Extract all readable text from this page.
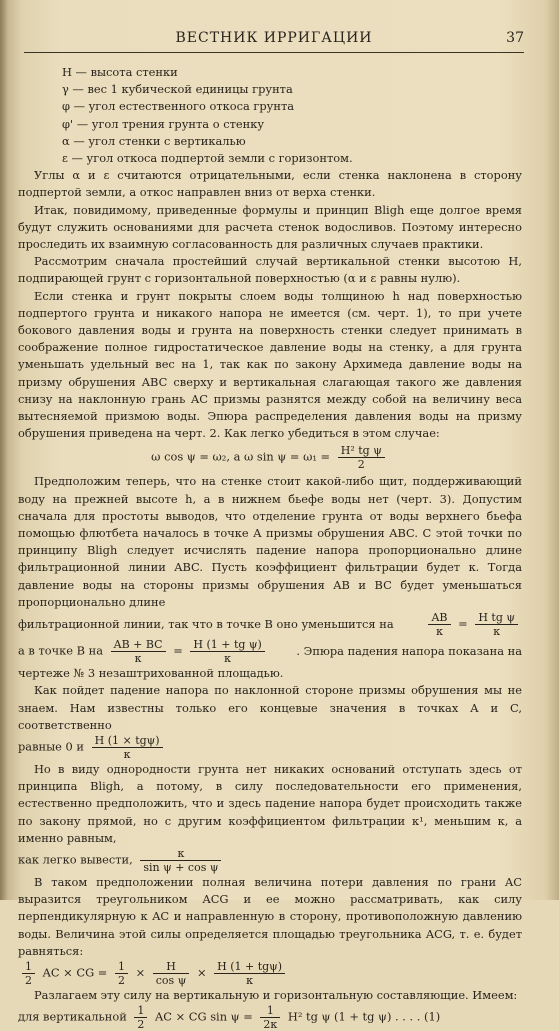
ВЕСТНИК ИРРИГАЦИИ	37

H — высота стенки

γ — вес 1 кубической единицы грунта

φ — угол естественного откоса грунта

φ' — угол трения грунта о стенку

α — угол стенки с вертикалью

ε — угол откоса подпертой земли с горизонтом.

Углы α и ε считаются отрицательными, если стенка наклонена в сторону подпертой земли, а откос направлен вниз от верха стенки.

Итак, повидимому, приведенные формулы и принцип Bligh еще долгое время будут служить основаниями для расчета стенок водосливов. Поэтому интересно проследить их взаимную согласованность для различных случаев практики.

Рассмотрим сначала простейший случай вертикальной стенки высотою H, подпирающей грунт с горизонтальной поверхностью (α и ε равны нулю).

Если стенка и грунт покрыты слоем воды толщиною h над поверхностью подпертого грунта и никакого напора не имеется (см. черт. 1), то при учете бокового давления воды и грунта на поверхность стенки следует принимать в соображение полное гидростатическое давление воды на стенку, а для грунта уменьшать удельный вес на 1, так как по закону Архимеда давление воды на призму обрушения ABC сверху и вертикальная слагающая такого же давления снизу на наклонную грань AC призмы разнятся между собой на величину веса вытесняемой призмою воды. Эпюра распределения давления воды на призму обрушения приведена на черт. 2. Как легко убедиться в этом случае:

ω cos ψ = ω₂, а ω $\sin \psi = \omega_1 = \frac{\text{H² tg ψ}}{2}$

Предположим теперь, что на стенке стоит какой-либо щит, поддерживающий воду на прежней высоте h, а в нижнем бьефе воды нет (черт. 3). Допустим сначала для простоты выводов, что отделение грунта от воды верхнего бьефа помощью флютбета началось в точке A призмы обрушения ABC. С этой точки по принципу Bligh следует исчислять падение напора пропорционально длине фильтрационной линии ABC. Пусть коэффициент фильтрации будет к. Тогда давление воды на стороны призмы обрушения AB и BC будет уменьшаться пропорционально длине

фильтрационной линии, так что в точке B оно уменьшится на	$\frac{AB}{к} = \frac{\text{H tg ψ}}{к}$
а в точке B на $\frac{AB + BC}{к} = \frac{\text{H (1 + tg ψ)}}{к}$	. Эпюра падения напора показана на

чертеже № 3 незаштрихованной площадью.

Как пойдет падение напора по наклонной стороне призмы обрушения мы не знаем. Нам известны только его концевые значения в точках A и C, соответственно

равные 0 и $\frac{\text{H (1 × tgψ)}}{к}$

Но в виду однородности грунта нет никаких оснований отступать здесь от принципа Bligh, а потому, в силу последовательности его применения, естественно предположить, что и здесь падение напора будет происходить также по закону прямой, но с другим коэффициентом фильтрации к¹, меньшим к, а именно равным,

как легко вывести, $\frac{к}{\text{sin ψ + cos ψ}}$

В таком предположении полная величина потери давления по грани AC выразится треугольником ACG и ее можно рассматривать, как силу перпендикулярную к AC и направленную в сторону, противоположную давлению воды. Величина этой силы определяется площадью треугольника ACG, т. е. будет равняться:

$\frac{1}{2}$ AC × CG = $\frac{1}{2} \times \frac{H}{\text{cos ψ}} \times \frac{\text{H (1 + tgψ)}}{к}$

Разлагаем эту силу на вертикальную и горизонтальную составляющие. Имеем:

для вертикальной $\frac{1}{2}$ AC × CG $\sin \psi = \frac{1}{2к} H^2$ tg ψ (1 + tg ψ) . . . . (1)
